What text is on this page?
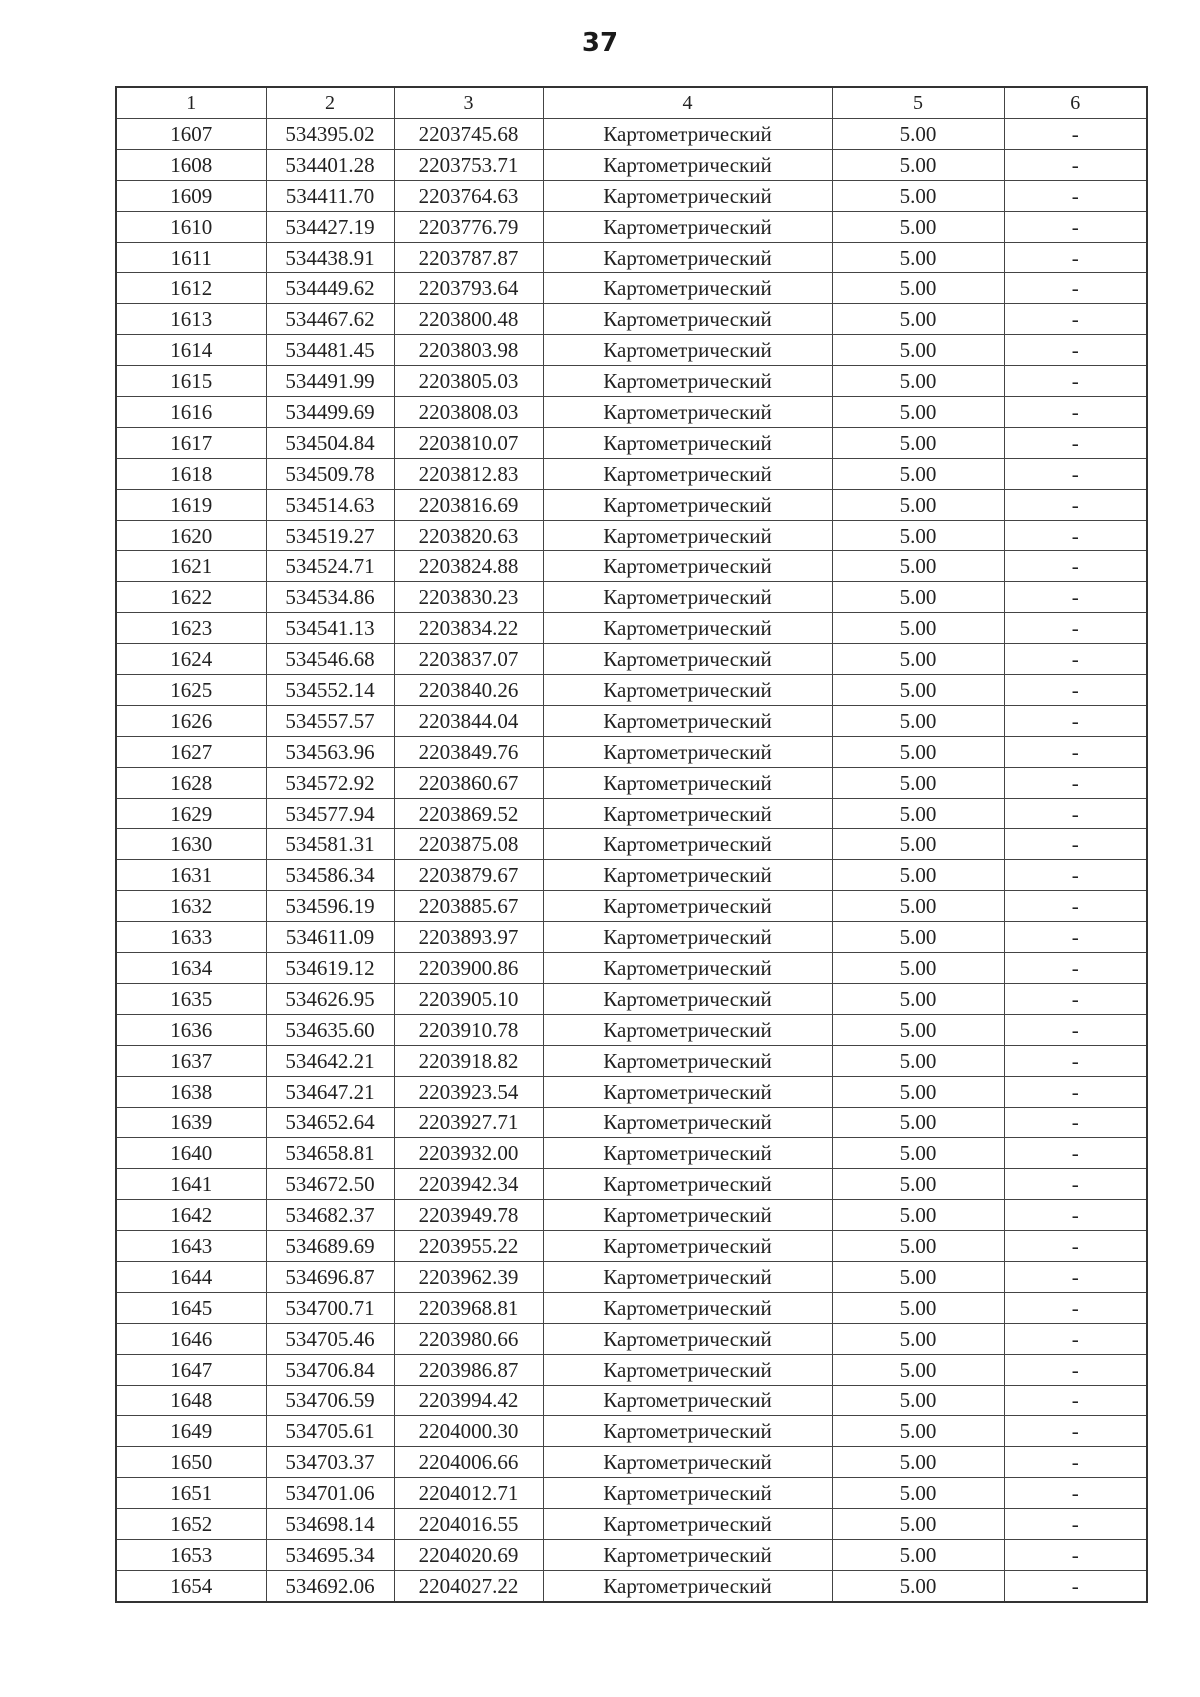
37
1	2	3	4	5	6
1607	534395.02	2203745.68	Картометрический	5.00	-
1608	534401.28	2203753.71	Картометрический	5.00	-
1609	534411.70	2203764.63	Картометрический	5.00	-
1610	534427.19	2203776.79	Картометрический	5.00	-
1611	534438.91	2203787.87	Картометрический	5.00	-
1612	534449.62	2203793.64	Картометрический	5.00	-
1613	534467.62	2203800.48	Картометрический	5.00	-
1614	534481.45	2203803.98	Картометрический	5.00	-
1615	534491.99	2203805.03	Картометрический	5.00	-
1616	534499.69	2203808.03	Картометрический	5.00	-
1617	534504.84	2203810.07	Картометрический	5.00	-
1618	534509.78	2203812.83	Картометрический	5.00	-
1619	534514.63	2203816.69	Картометрический	5.00	-
1620	534519.27	2203820.63	Картометрический	5.00	-
1621	534524.71	2203824.88	Картометрический	5.00	-
1622	534534.86	2203830.23	Картометрический	5.00	-
1623	534541.13	2203834.22	Картометрический	5.00	-
1624	534546.68	2203837.07	Картометрический	5.00	-
1625	534552.14	2203840.26	Картометрический	5.00	-
1626	534557.57	2203844.04	Картометрический	5.00	-
1627	534563.96	2203849.76	Картометрический	5.00	-
1628	534572.92	2203860.67	Картометрический	5.00	-
1629	534577.94	2203869.52	Картометрический	5.00	-
1630	534581.31	2203875.08	Картометрический	5.00	-
1631	534586.34	2203879.67	Картометрический	5.00	-
1632	534596.19	2203885.67	Картометрический	5.00	-
1633	534611.09	2203893.97	Картометрический	5.00	-
1634	534619.12	2203900.86	Картометрический	5.00	-
1635	534626.95	2203905.10	Картометрический	5.00	-
1636	534635.60	2203910.78	Картометрический	5.00	-
1637	534642.21	2203918.82	Картометрический	5.00	-
1638	534647.21	2203923.54	Картометрический	5.00	-
1639	534652.64	2203927.71	Картометрический	5.00	-
1640	534658.81	2203932.00	Картометрический	5.00	-
1641	534672.50	2203942.34	Картометрический	5.00	-
1642	534682.37	2203949.78	Картометрический	5.00	-
1643	534689.69	2203955.22	Картометрический	5.00	-
1644	534696.87	2203962.39	Картометрический	5.00	-
1645	534700.71	2203968.81	Картометрический	5.00	-
1646	534705.46	2203980.66	Картометрический	5.00	-
1647	534706.84	2203986.87	Картометрический	5.00	-
1648	534706.59	2203994.42	Картометрический	5.00	-
1649	534705.61	2204000.30	Картометрический	5.00	-
1650	534703.37	2204006.66	Картометрический	5.00	-
1651	534701.06	2204012.71	Картометрический	5.00	-
1652	534698.14	2204016.55	Картометрический	5.00	-
1653	534695.34	2204020.69	Картометрический	5.00	-
1654	534692.06	2204027.22	Картометрический	5.00	-
